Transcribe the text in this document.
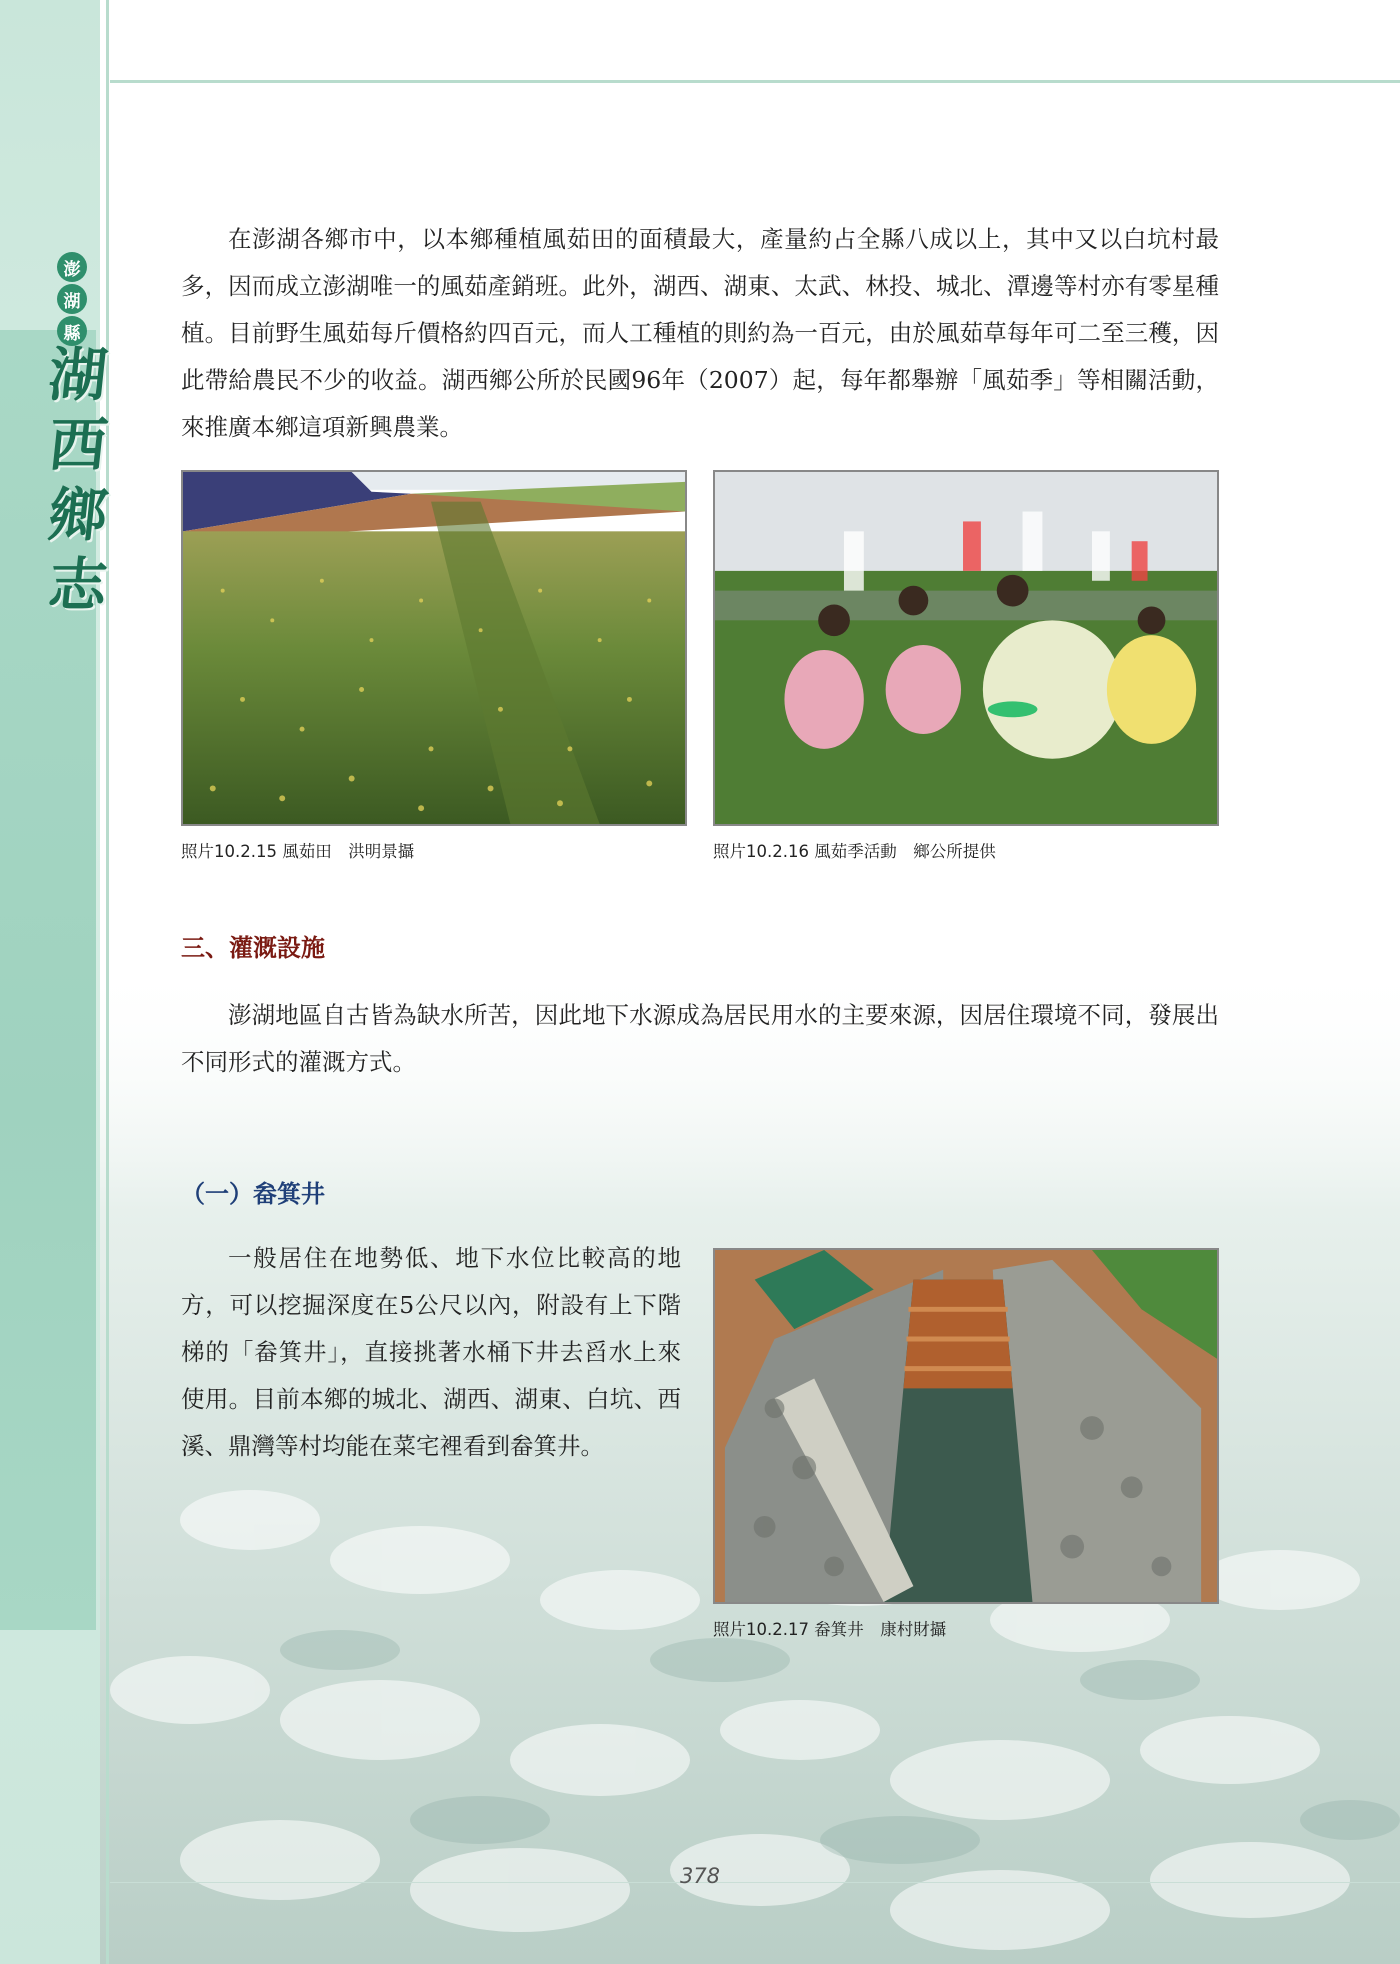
澎
湖
縣
湖
西
鄉
志
在澎湖各鄉市中，以本鄉種植風茹田的面積最大，產量約占全縣八成以上，其中又以白坑村最多，因而成立澎湖唯一的風茹產銷班。此外，湖西、湖東、太武、林投、城北、潭邊等村亦有零星種植。目前野生風茹每斤價格約四百元，而人工種植的則約為一百元，由於風茹草每年可二至三穫，因此帶給農民不少的收益。湖西鄉公所於民國96年（2007）起，每年都舉辦「風茹季」等相關活動，來推廣本鄉這項新興農業。
照片10.2.15 風茹田　洪明景攝	照片10.2.16 風茹季活動　鄉公所提供
三、灌溉設施
澎湖地區自古皆為缺水所苦，因此地下水源成為居民用水的主要來源，因居住環境不同，發展出不同形式的灌溉方式。
（一）畚箕井
一般居住在地勢低、地下水位比較高的地方，可以挖掘深度在5公尺以內，附設有上下階梯的「畚箕井」，直接挑著水桶下井去舀水上來使用。目前本鄉的城北、湖西、湖東、白坑、西溪、鼎灣等村均能在菜宅裡看到畚箕井。
照片10.2.17 畚箕井　康村財攝
378
